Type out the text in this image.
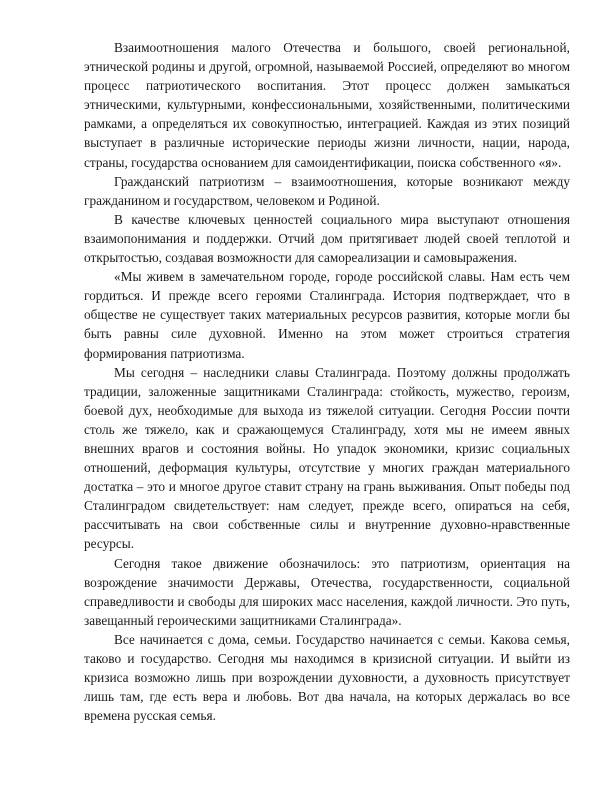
Взаимоотношения малого Отечества и большого, своей региональной, этнической родины и другой, огромной, называемой Россией, определяют во многом процесс патриотического воспитания. Этот процесс должен замыкаться этническими, культурными, конфессиональными, хозяйственными, политическими рамками, а определяться их совокупностью, интеграцией. Каждая из этих позиций выступает в различные исторические периоды жизни личности, нации, народа, страны, государства основанием для самоидентификации, поиска собственного «я».

Гражданский патриотизм – взаимоотношения, которые возникают между гражданином и государством, человеком и Родиной.

В качестве ключевых ценностей социального мира выступают отношения взаимопонимания и поддержки. Отчий дом притягивает людей своей теплотой и открытостью, создавая возможности для самореализации и самовыражения.

«Мы живем в замечательном городе, городе российской славы. Нам есть чем гордиться. И прежде всего героями Сталинграда. История подтверждает, что в обществе не существует таких материальных ресурсов развития, которые могли бы быть равны силе духовной. Именно на этом может строиться стратегия формирования патриотизма.

Мы сегодня – наследники славы Сталинграда. Поэтому должны продолжать традиции, заложенные защитниками Сталинграда: стойкость, мужество, героизм, боевой дух, необходимые для выхода из тяжелой ситуации. Сегодня России почти столь же тяжело, как и сражающемуся Сталинграду, хотя мы не имеем явных внешних врагов и состояния войны. Но упадок экономики, кризис социальных отношений, деформация культуры, отсутствие у многих граждан материального достатка – это и многое другое ставит страну на грань выживания. Опыт победы под Сталинградом свидетельствует: нам следует, прежде всего, опираться на себя, рассчитывать на свои собственные силы и внутренние духовно-нравственные ресурсы.

Сегодня такое движение обозначилось: это патриотизм, ориентация на возрождение значимости Державы, Отечества, государственности, социальной справедливости и свободы для широких масс населения, каждой личности. Это путь, завещанный героическими защитниками Сталинграда».

Все начинается с дома, семьи. Государство начинается с семьи. Какова семья, таково и государство. Сегодня мы находимся в кризисной ситуации. И выйти из кризиса возможно лишь при возрождении духовности, а духовность присутствует лишь там, где есть вера и любовь. Вот два начала, на которых держалась во все времена русская семья.
